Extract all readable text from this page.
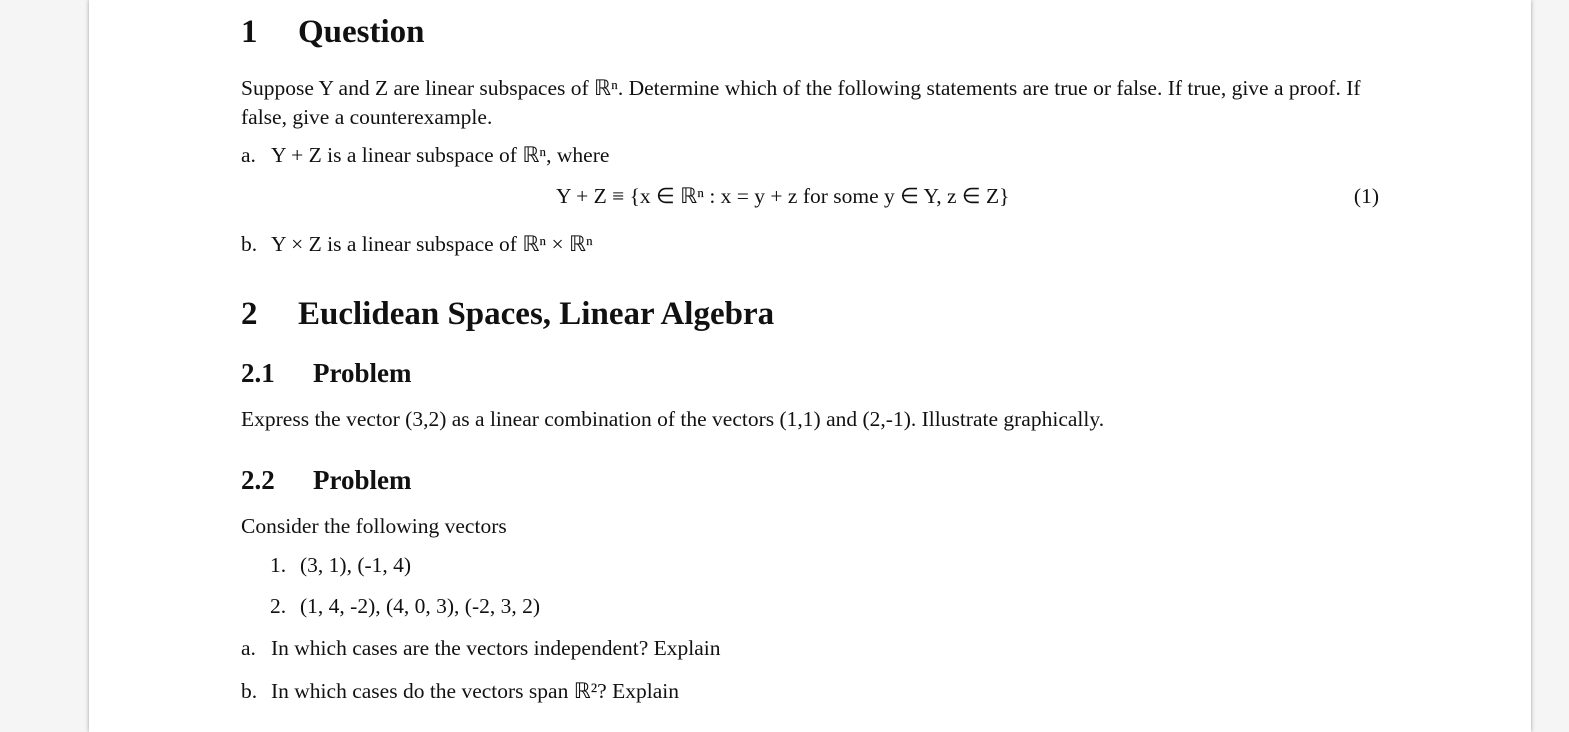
1 Question
Suppose Y and Z are linear subspaces of ℝⁿ. Determine which of the following statements are true or false. If true, give a proof. If false, give a counterexample.
a. Y + Z is a linear subspace of ℝⁿ, where
Y + Z ≡ {x ∈ ℝⁿ : x = y + z for some y ∈ Y, z ∈ Z}	(1)
b. Y × Z is a linear subspace of ℝⁿ × ℝⁿ
2 Euclidean Spaces, Linear Algebra
2.1 Problem
Express the vector (3,2) as a linear combination of the vectors (1,1) and (2,-1). Illustrate graphically.
2.2 Problem
Consider the following vectors
1. (3, 1), (-1, 4)
2. (1, 4, -2), (4, 0, 3), (-2, 3, 2)
a. In which cases are the vectors independent? Explain
b. In which cases do the vectors span ℝ²? Explain
